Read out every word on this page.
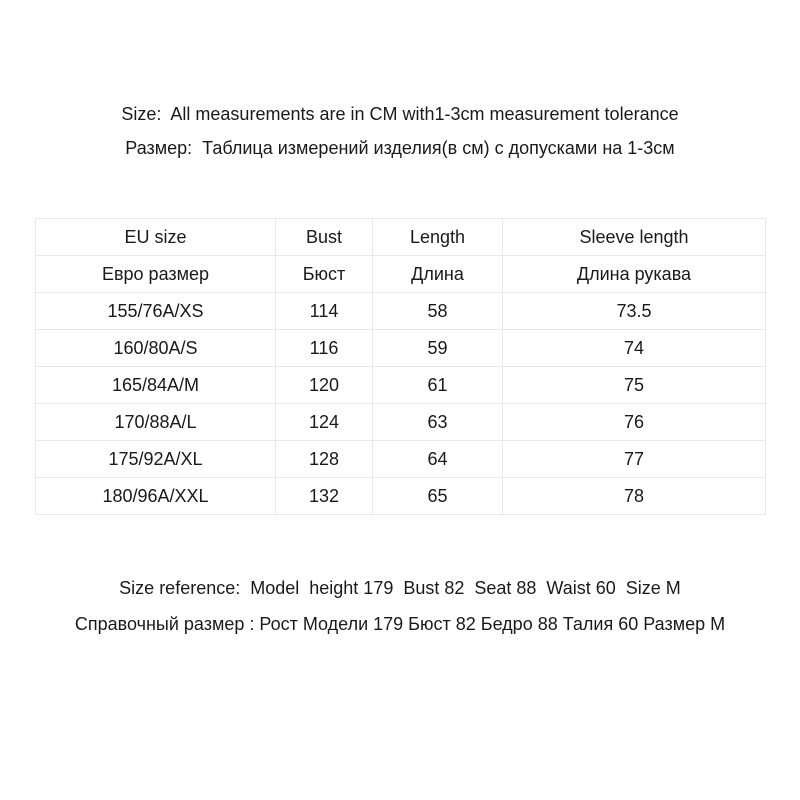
Size:  All measurements are in CM with1-3cm measurement tolerance
Размер:  Таблица измерений изделия(в см) с допусками на 1-3см
EU size	Bust	Length	Sleeve length
Евро размер	Бюст	Длина	Длина рукава
155/76A/XS	114	58	73.5
160/80A/S	116	59	74
165/84A/M	120	61	75
170/88A/L	124	63	76
175/92A/XL	128	64	77
180/96A/XXL	132	65	78
Size reference:  Model  height 179  Bust 82  Seat 88  Waist 60  Size M
Справочный размер : Рост Модели 179 Бюст 82 Бедро 88 Талия 60 Размер М
